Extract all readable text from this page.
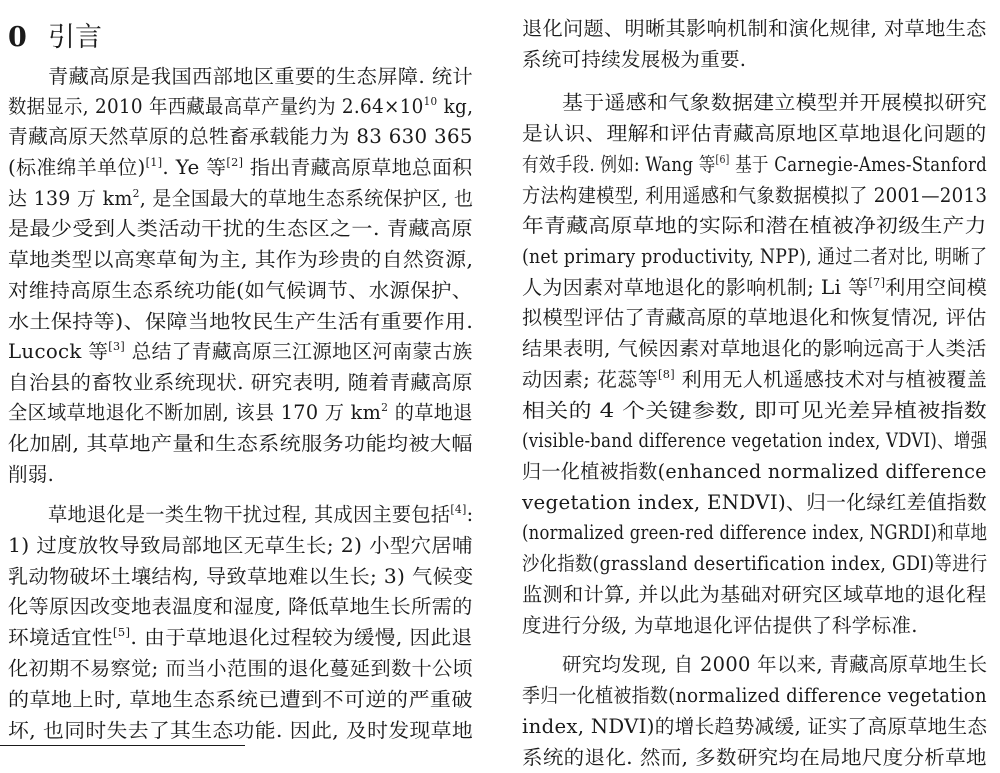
0 引言
青藏高原是我国西部地区重要的生态屏障. 统计
数据显示, 2010 年西藏最高草产量约为 $2.64\times 10^{10}$ kg,
青藏高原天然草原的总牲畜承载能力为 83 630 365
(标准绵羊单位)[1]. Ye 等[2] 指出青藏高原草地总面积
达 139 万 $km^2$, 是全国最大的草地生态系统保护区, 也
是最少受到人类活动干扰的生态区之一. 青藏高原
草地类型以高寒草甸为主, 其作为珍贵的自然资源,
对维持高原生态系统功能(如气候调节、水源保护、
水土保持等)、保障当地牧民生产生活有重要作用.
Lucock 等[3] 总结了青藏高原三江源地区河南蒙古族
自治县的畜牧业系统现状. 研究表明, 随着青藏高原
全区域草地退化不断加剧, 该县 170 万 $km^2$ 的草地退
化加剧, 其草地产量和生态系统服务功能均被大幅
削弱.
草地退化是一类生物干扰过程, 其成因主要包括[4]:
1) 过度放牧导致局部地区无草生长; 2) 小型穴居哺
乳动物破坏土壤结构, 导致草地难以生长; 3) 气候变
化等原因改变地表温度和湿度, 降低草地生长所需的
环境适宜性[5]. 由于草地退化过程较为缓慢, 因此退
化初期不易察觉; 而当小范围的退化蔓延到数十公顷
的草地上时, 草地生态系统已遭到不可逆的严重破
坏, 也同时失去了其生态功能. 因此, 及时发现草地
退化问题、明晰其影响机制和演化规律, 对草地生态
系统可持续发展极为重要.
基于遥感和气象数据建立模型并开展模拟研究
是认识、理解和评估青藏高原地区草地退化问题的
有效手段. 例如: Wang 等[6] 基于 Carnegie-Ames-Stanford
方法构建模型, 利用遥感和气象数据模拟了 2001—2013
年青藏高原草地的实际和潜在植被净初级生产力
(net primary productivity, NPP), 通过二者对比, 明晰了
人为因素对草地退化的影响机制; Li 等[7]利用空间模
拟模型评估了青藏高原的草地退化和恢复情况, 评估
结果表明, 气候因素对草地退化的影响远高于人类活
动因素; 花蕊等[8] 利用无人机遥感技术对与植被覆盖
相关的 4 个关键参数, 即可见光差异植被指数
(visible-band difference vegetation index, VDVI)、增强
归一化植被指数(enhanced normalized difference
vegetation index, ENDVI)、归一化绿红差值指数
(normalized green-red difference index, NGRDI)和草地
沙化指数(grassland desertification index, GDI)等进行
监测和计算, 并以此为基础对研究区域草地的退化程
度进行分级, 为草地退化评估提供了科学标准.
研究均发现, 自 2000 年以来, 青藏高原草地生长
季归一化植被指数(normalized difference vegetation
index, NDVI)的增长趋势减缓, 证实了高原草地生态
系统的退化. 然而, 多数研究均在局地尺度分析草地
